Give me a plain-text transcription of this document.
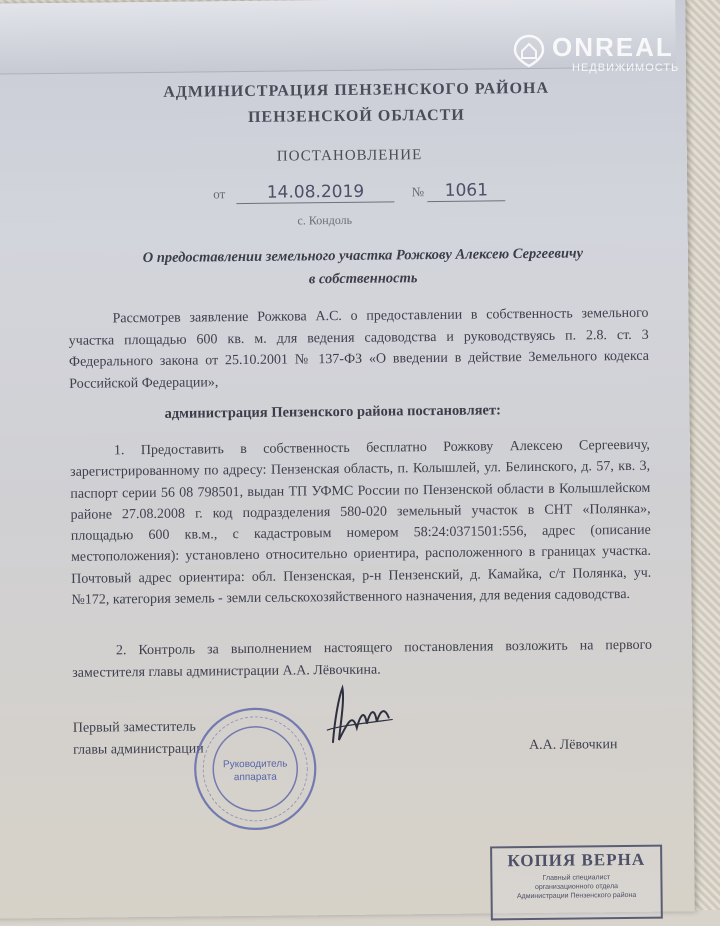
АДМИНИСТРАЦИЯ ПЕНЗЕНСКОГО РАЙОНА
ПЕНЗЕНСКОЙ ОБЛАСТИ
ПОСТАНОВЛЕНИЕ
от 14.08.2019	№ 1061
с. Кондоль
О предоставлении земельного участка Рожкову Алексею Сергеевичу
в собственность
Рассмотрев заявление Рожкова А.С. о предоставлении в собственность земельного участка площадью 600 кв. м. для ведения садоводства и руководствуясь п. 2.8. ст. 3 Федерального закона от 25.10.2001 № 137-ФЗ «О введении в действие Земельного кодекса Российской Федерации»,
администрация Пензенского района постановляет:
1. Предоставить в собственность бесплатно Рожкову Алексею Сергеевичу, зарегистрированному по адресу: Пензенская область, п. Колышлей, ул. Белинского, д. 57, кв. 3, паспорт серии 56 08 798501, выдан ТП УФМС России по Пензенской области в Колышлейском районе 27.08.2008 г. код подразделения 580-020 земельный участок в СНТ «Полянка», площадью 600 кв.м., с кадастровым номером 58:24:0371501:556, адрес (описание местоположения): установлено относительно ориентира, расположенного в границах участка. Почтовый адрес ориентира: обл. Пензенская, р-н Пензенский, д. Камайка, с/т Полянка, уч. №172, категория земель - земли сельскохозяйственного назначения, для ведения садоводства.
2. Контроль за выполнением настоящего постановления возложить на первого заместителя главы администрации А.А. Лёвочкина.
Первый заместитель
главы администрации	А.А. Лёвочкин
Руководитель
аппарата
КОПИЯ ВЕРНА
Главный специалист
организационного отдела
Администрации Пензенского района
ONREAL
НЕДВИЖИМОСТЬ
